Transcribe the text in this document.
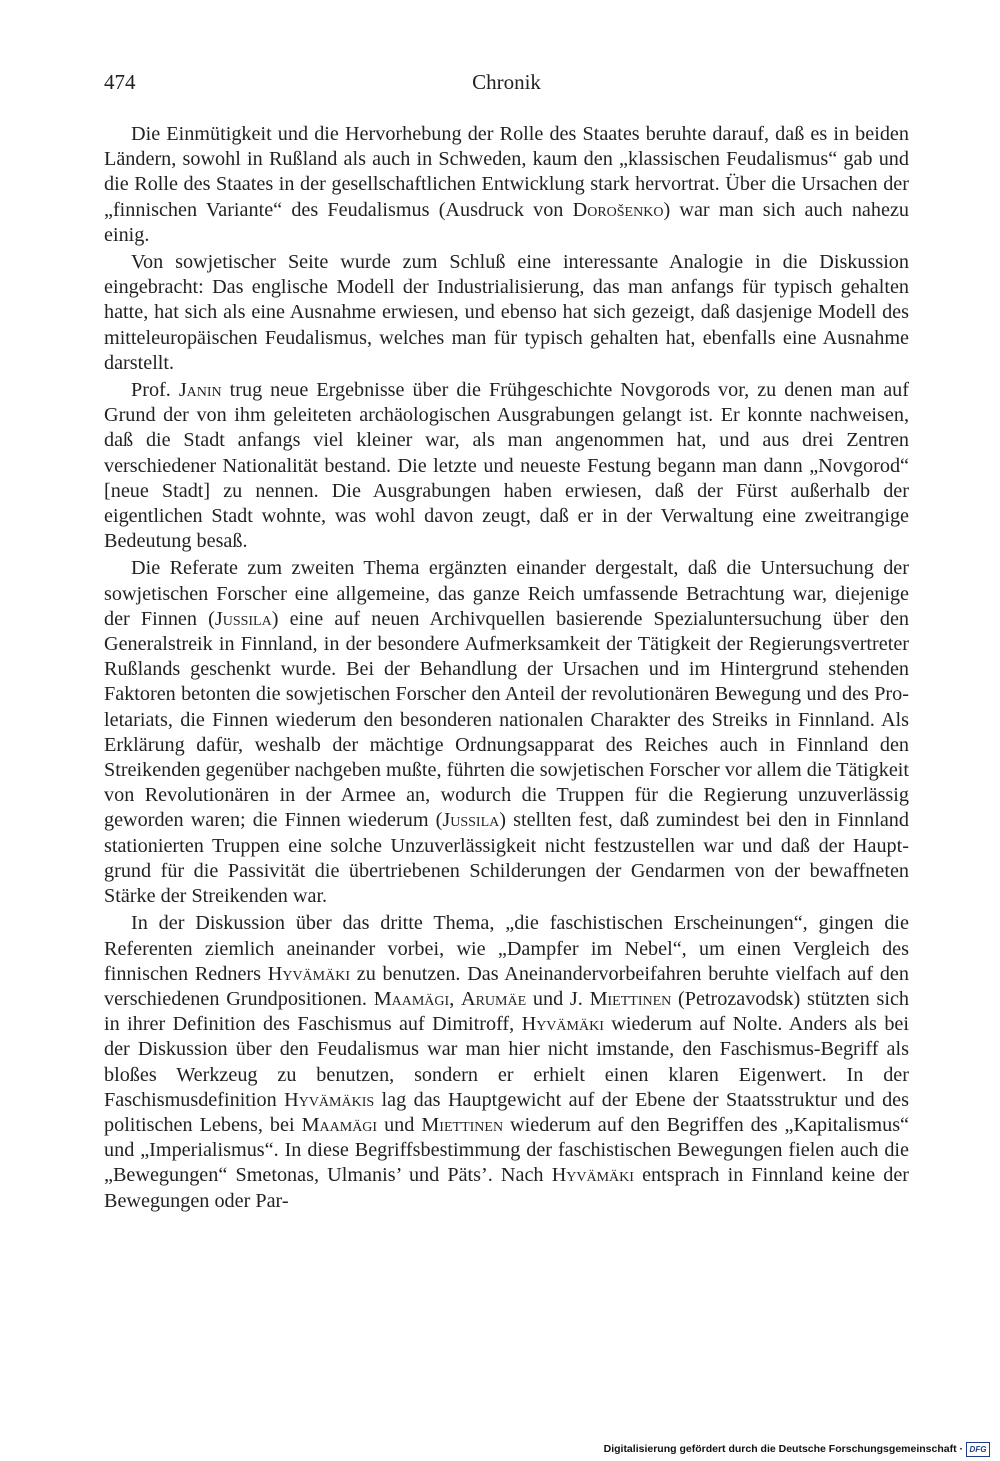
474	Chronik

Die Einmütigkeit und die Hervorhebung der Rolle des Staates beruhte darauf, daß es in beiden Ländern, sowohl in Rußland als auch in Schweden, kaum den „klassischen Feudalismus“ gab und die Rolle des Staates in der gesellschaftlichen Entwicklung stark hervortrat. Über die Ursachen der „finnischen Variante“ des Feudalismus (Ausdruck von Dorošenko) war man sich auch nahezu einig.

Von sowjetischer Seite wurde zum Schluß eine interessante Analogie in die Diskussion eingebracht: Das englische Modell der Industrialisierung, das man anfangs für typisch gehalten hatte, hat sich als eine Ausnahme erwiesen, und ebenso hat sich gezeigt, daß dasjenige Modell des mitteleuropäischen Feudalismus, welches man für typisch gehalten hat, ebenfalls eine Ausnahme darstellt.

Prof. Janin trug neue Ergebnisse über die Frühgeschichte Novgorods vor, zu denen man auf Grund der von ihm geleiteten archäologischen Ausgrabungen gelangt ist. Er konnte nachweisen, daß die Stadt anfangs viel kleiner war, als man angenommen hat, und aus drei Zentren verschiedener Nationalität bestand. Die letzte und neueste Festung begann man dann „Novgorod“ [neue Stadt] zu nennen. Die Ausgrabungen haben erwiesen, daß der Fürst außerhalb der eigentlichen Stadt wohnte, was wohl davon zeugt, daß er in der Verwaltung eine zweitrangige Bedeutung besaß.

Die Referate zum zweiten Thema ergänzten einander dergestalt, daß die Untersuchung der sowjetischen Forscher eine allgemeine, das ganze Reich umfassende Betrachtung war, diejenige der Finnen (Jussila) eine auf neuen Archivquellen basierende Spezialuntersuchung über den Generalstreik in Finnland, in der besondere Aufmerksamkeit der Tätigkeit der Regierungsvertreter Rußlands geschenkt wurde. Bei der Behandlung der Ursachen und im Hintergrund stehenden Faktoren betonten die sowjetischen Forscher den Anteil der revolutionären Bewegung und des Proletariats, die Finnen wiederum den besonderen nationalen Charakter des Streiks in Finnland. Als Erklärung dafür, weshalb der mächtige Ordnungsapparat des Reiches auch in Finnland den Streikenden gegenüber nachgeben mußte, führten die sowjetischen Forscher vor allem die Tätigkeit von Revolutionären in der Armee an, wodurch die Truppen für die Regierung unzuverlässig geworden waren; die Finnen wiederum (Jussila) stellten fest, daß zumindest bei den in Finnland stationierten Truppen eine solche Unzuverlässigkeit nicht festzustellen war und daß der Hauptgrund für die Passivität die übertriebenen Schilderungen der Gendarmen von der bewaffneten Stärke der Streikenden war.

In der Diskussion über das dritte Thema, „die faschistischen Erscheinungen“, gingen die Referenten ziemlich aneinander vorbei, wie „Dampfer im Nebel“, um einen Vergleich des finnischen Redners Hyvämäki zu benutzen. Das Aneinandervorbeifahren beruhte vielfach auf den verschiedenen Grundpositionen. Maamägi, Arumäe und J. Miettinen (Petrozavodsk) stützten sich in ihrer Definition des Faschismus auf Dimitroff, Hyvämäki wiederum auf Nolte. Anders als bei der Diskussion über den Feudalismus war man hier nicht imstande, den Faschismus-Begriff als bloßes Werkzeug zu benutzen, sondern er erhielt einen klaren Eigenwert. In der Faschismusdefinition Hyvämäkis lag das Hauptgewicht auf der Ebene der Staatsstruktur und des politischen Lebens, bei Maamägi und Miettinen wiederum auf den Begriffen des „Kapitalismus“ und „Imperialismus“. In diese Begriffsbestimmung der faschistischen Bewegungen fielen auch die „Bewegungen“ Smetonas, Ulmanis’ und Päts’. Nach Hyvämäki entsprach in Finnland keine der Bewegungen oder Par-

Digitalisierung gefördert durch die Deutsche Forschungsgemeinschaft · DFG
